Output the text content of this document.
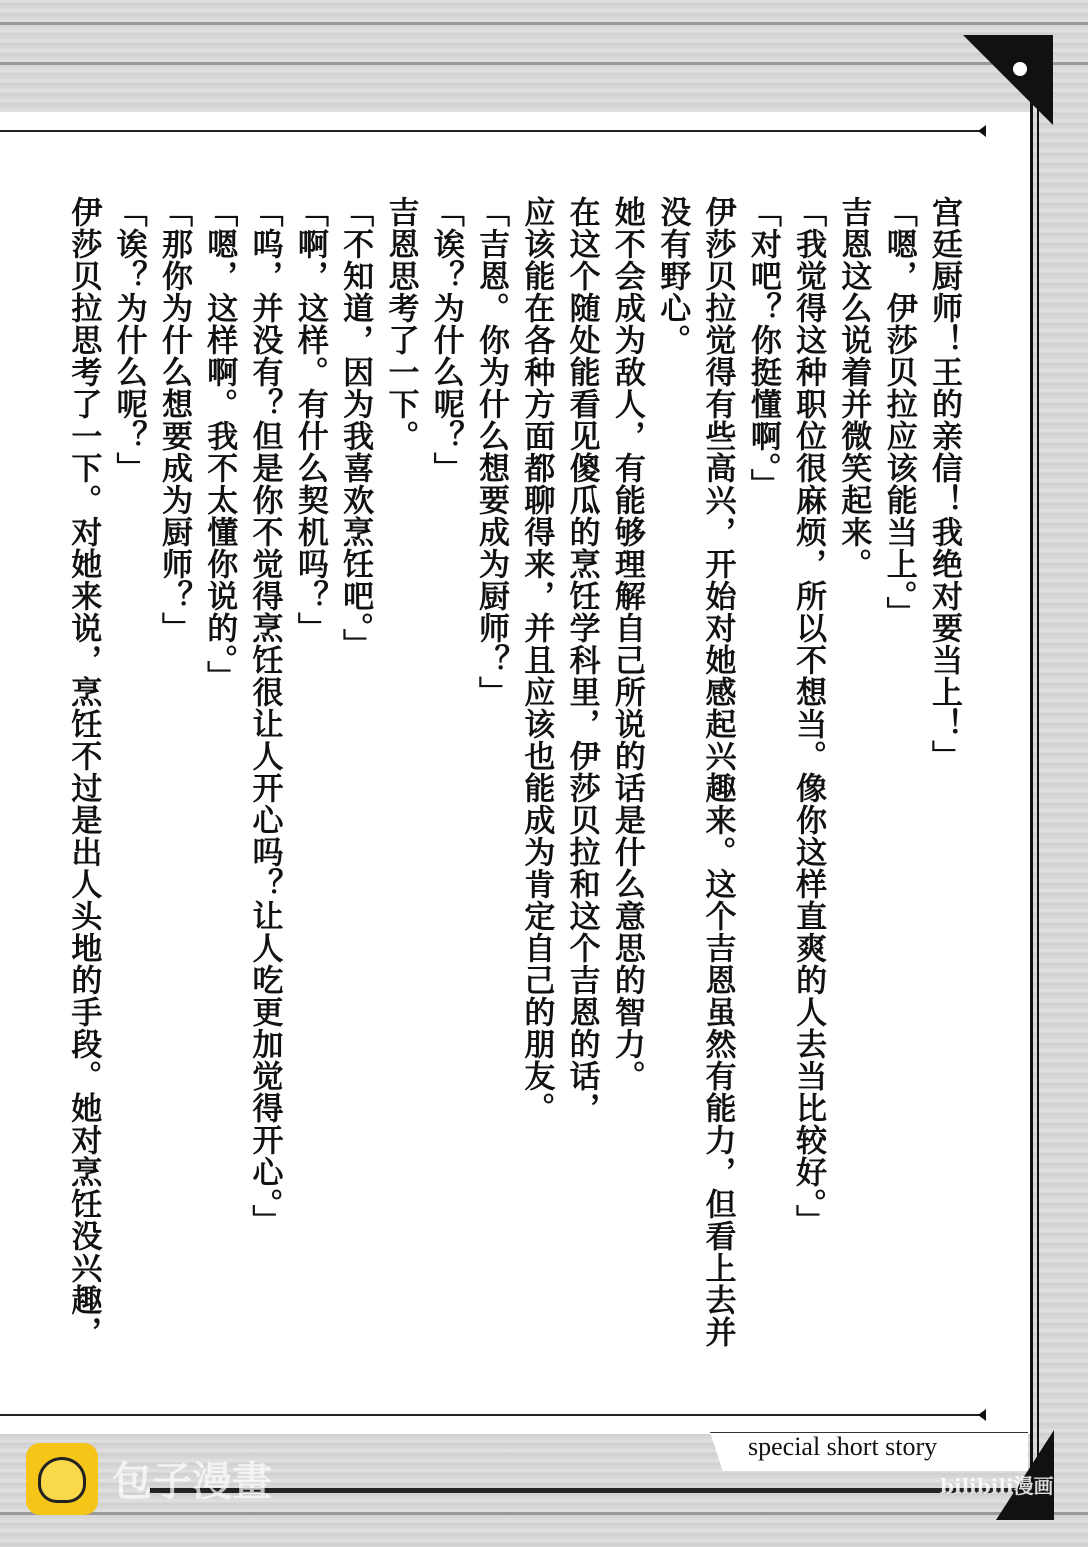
宫廷厨师！王的亲信！我绝对要当上！」

「嗯，伊莎贝拉应该能当上。」

吉恩这么说着并微笑起来。

「我觉得这种职位很麻烦，所以不想当。像你这样直爽的人去当比较好。」

「对吧？你挺懂啊。」

伊莎贝拉觉得有些高兴，开始对她感起兴趣来。这个吉恩虽然有能力，但看上去并没有野心。

她不会成为敌人，有能够理解自己所说的话是什么意思的智力。

在这个随处能看见傻瓜的烹饪学科里，伊莎贝拉和这个吉恩的话，

应该能在各种方面都聊得来，并且应该也能成为肯定自己的朋友。

「吉恩。你为什么想要成为厨师？」

「诶？为什么呢？」

吉恩思考了一下。

「不知道，因为我喜欢烹饪吧。」

「啊，这样。有什么契机吗？」

「呜，并没有？但是你不觉得烹饪很让人开心吗？让人吃更加觉得开心。」

「嗯，这样啊。我不太懂你说的。」

「那你为什么想要成为厨师？」

「诶？为什么呢？」

伊莎贝拉思考了一下。对她来说，烹饪不过是出人头地的手段。她对烹饪没兴趣，

special short story
包子漫畫	bilibili漫画
